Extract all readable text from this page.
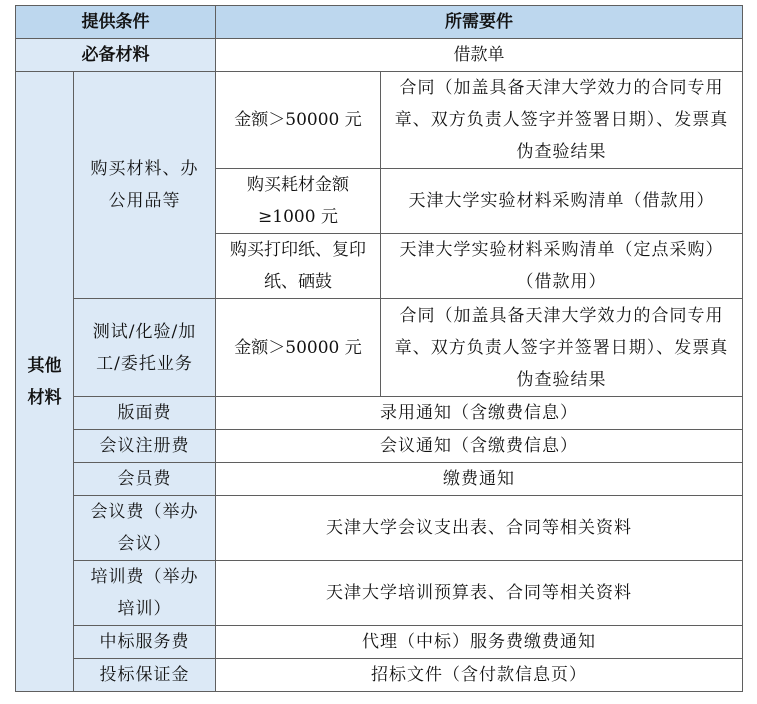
提供条件		所需要件	
必备材料		借款单	
其他材料	购买材料、办公用品等	金额＞50000 元	合同（加盖具备天津大学效力的合同专用章、双方负责人签字并签署日期）、发票真伪查验结果
		购买耗材金额≥1000 元	天津大学实验材料采购清单（借款用）
		购买打印纸、复印纸、硒鼓	天津大学实验材料采购清单（定点采购）（借款用）
	测试/化验/加工/委托业务	金额＞50000 元	合同（加盖具备天津大学效力的合同专用章、双方负责人签字并签署日期）、发票真伪查验结果
	版面费	录用通知（含缴费信息）	
	会议注册费	会议通知（含缴费信息）	
	会员费	缴费通知	
	会议费（举办会议）	天津大学会议支出表、合同等相关资料	
	培训费（举办培训）	天津大学培训预算表、合同等相关资料	
	中标服务费	代理（中标）服务费缴费通知	
	投标保证金	招标文件（含付款信息页）	
